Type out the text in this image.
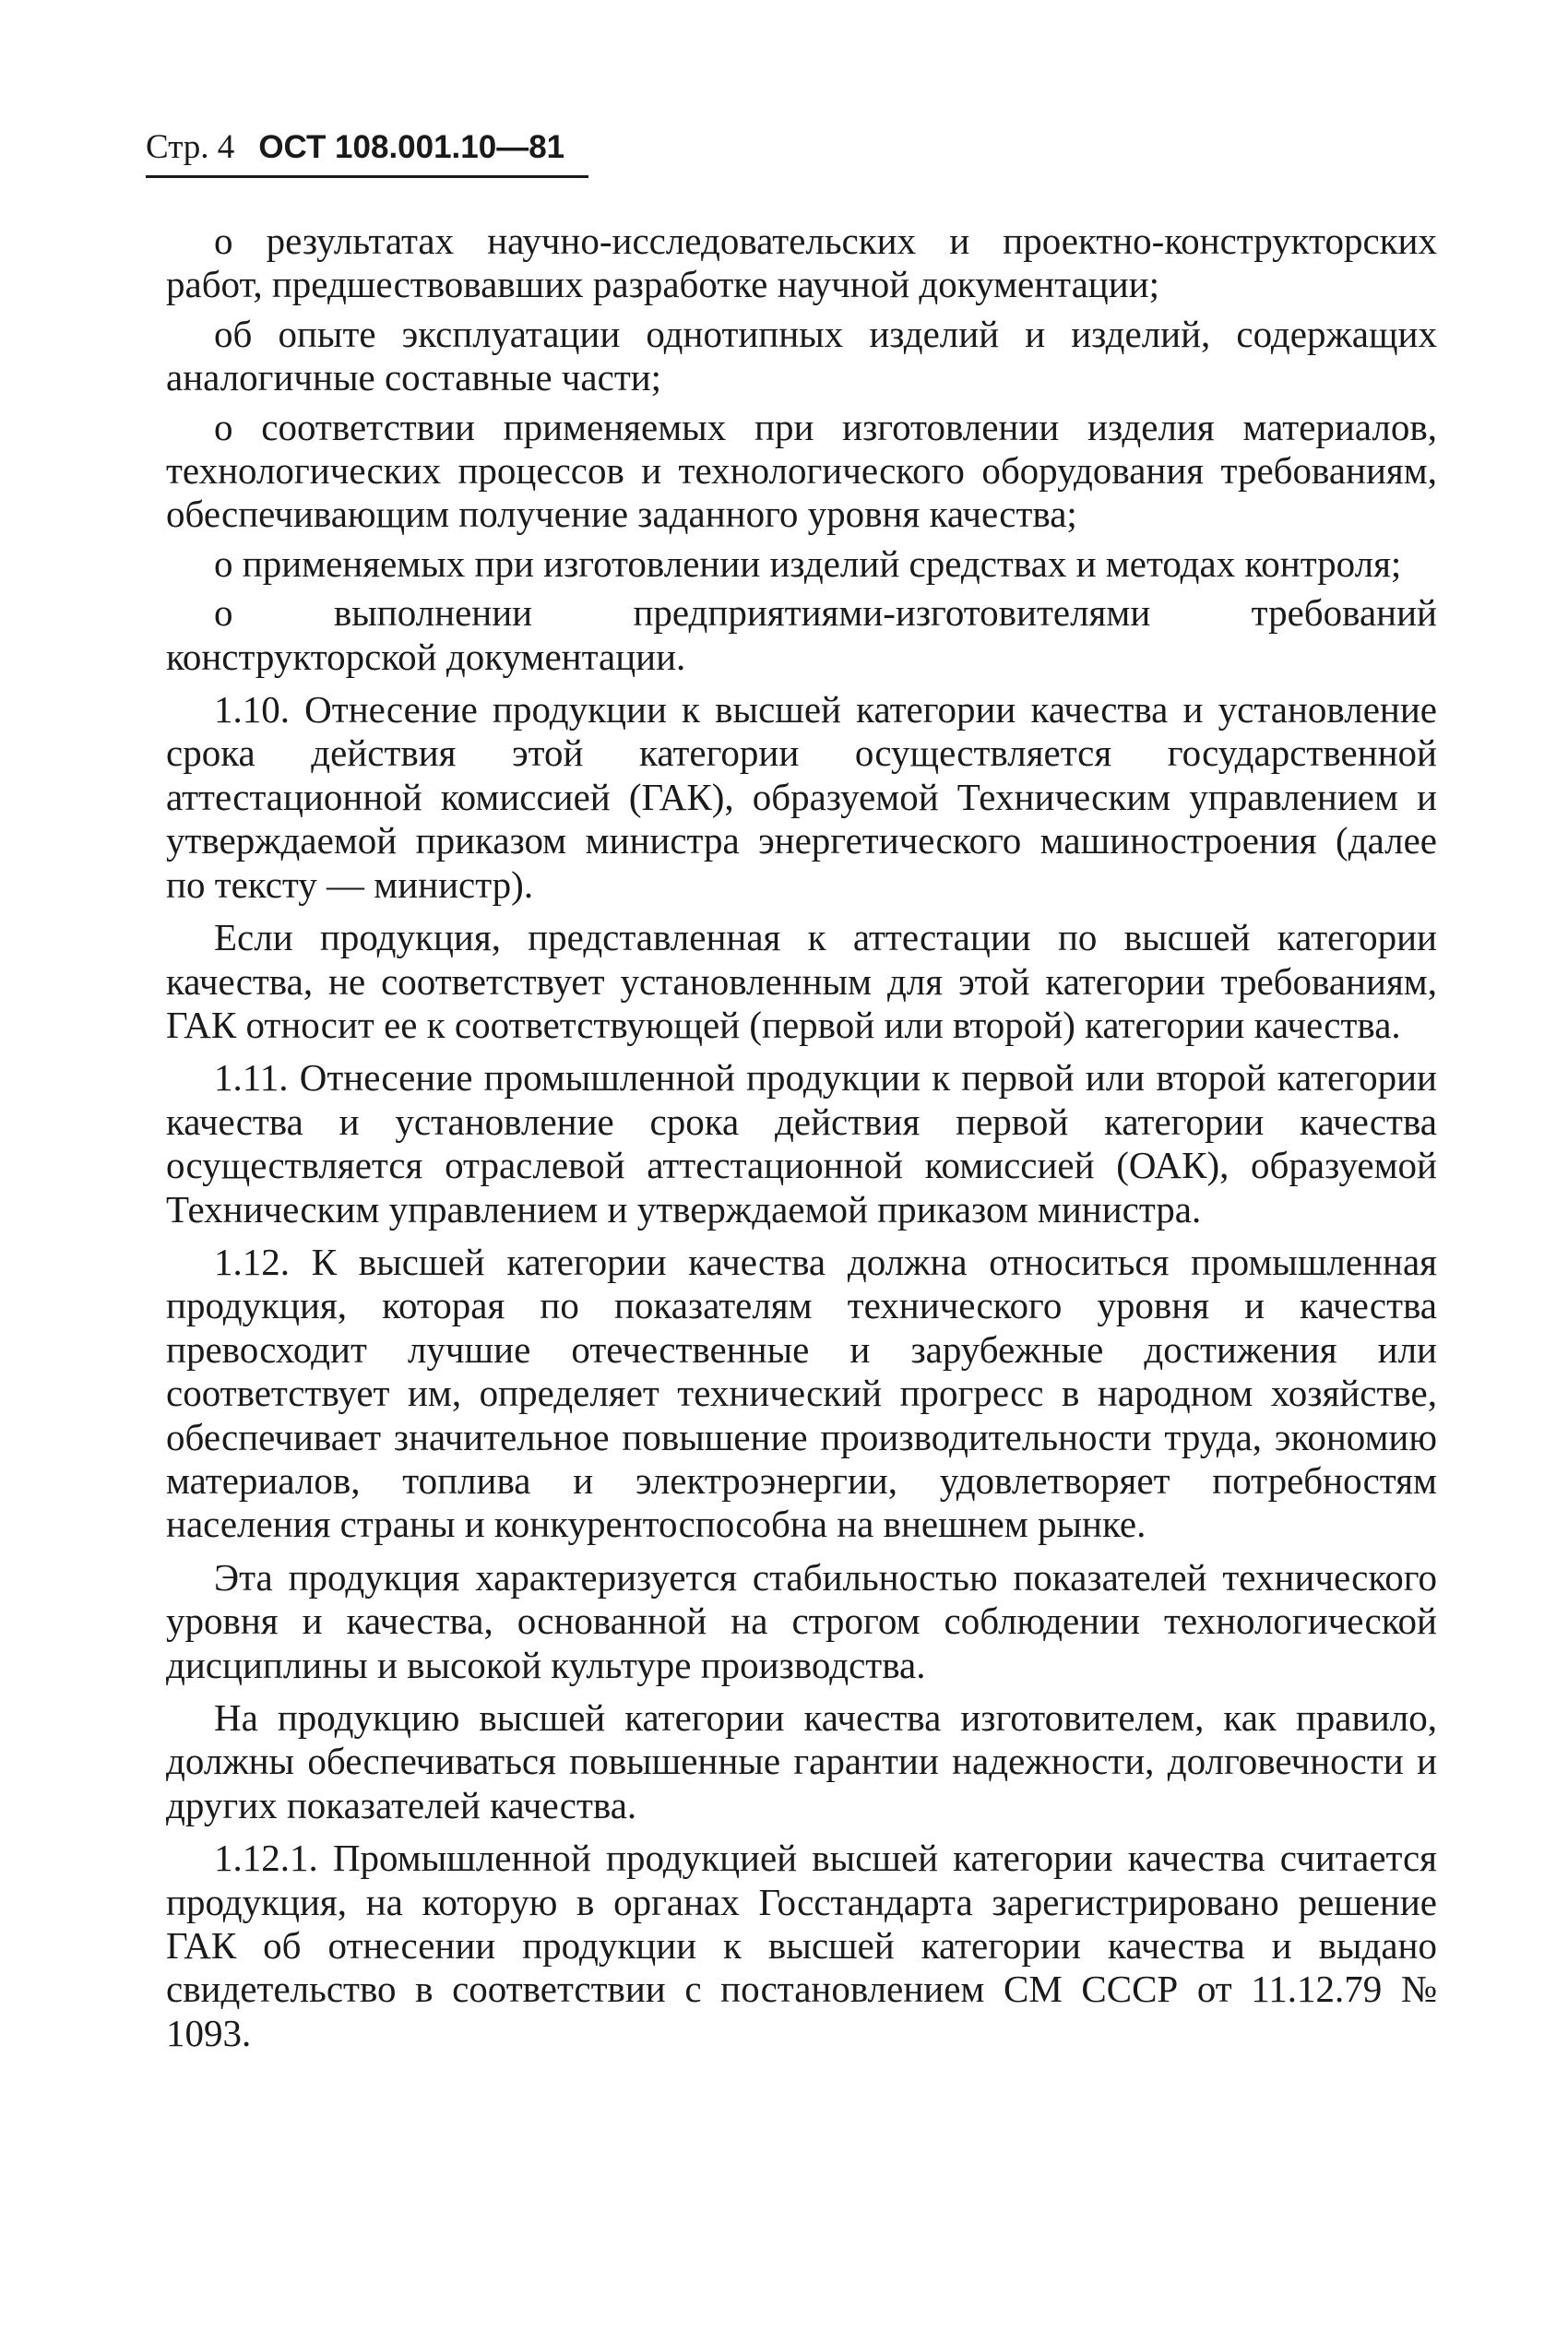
Стр. 4 ОСТ 108.001.10—81

о результатах научно-исследовательских и проектно-конструкторских работ, предшествовавших разработке научной документации;

об опыте эксплуатации однотипных изделий и изделий, содержащих аналогичные составные части;

о соответствии применяемых при изготовлении изделия материалов, технологических процессов и технологического оборудования требованиям, обеспечивающим получение заданного уровня качества;

о применяемых при изготовлении изделий средствах и методах контроля;

о выполнении предприятиями-изготовителями требований конструкторской документации.

1.10. Отнесение продукции к высшей категории качества и установление срока действия этой категории осуществляется государственной аттестационной комиссией (ГАК), образуемой Техническим управлением и утверждаемой приказом министра энергетического машиностроения (далее по тексту — министр).

Если продукция, представленная к аттестации по высшей категории качества, не соответствует установленным для этой категории требованиям, ГАК относит ее к соответствующей (первой или второй) категории качества.

1.11. Отнесение промышленной продукции к первой или второй категории качества и установление срока действия первой категории качества осуществляется отраслевой аттестационной комиссией (ОАК), образуемой Техническим управлением и утверждаемой приказом министра.

1.12. К высшей категории качества должна относиться промышленная продукция, которая по показателям технического уровня и качества превосходит лучшие отечественные и зарубежные достижения или соответствует им, определяет технический прогресс в народном хозяйстве, обеспечивает значительное повышение производительности труда, экономию материалов, топлива и электроэнергии, удовлетворяет потребностям населения страны и конкурентоспособна на внешнем рынке.

Эта продукция характеризуется стабильностью показателей технического уровня и качества, основанной на строгом соблюдении технологической дисциплины и высокой культуре производства.

На продукцию высшей категории качества изготовителем, как правило, должны обеспечиваться повышенные гарантии надежности, долговечности и других показателей качества.

1.12.1. Промышленной продукцией высшей категории качества считается продукция, на которую в органах Госстандарта зарегистрировано решение ГАК об отнесении продукции к высшей категории качества и выдано свидетельство в соответствии с постановлением СМ СССР от 11.12.79 № 1093.
